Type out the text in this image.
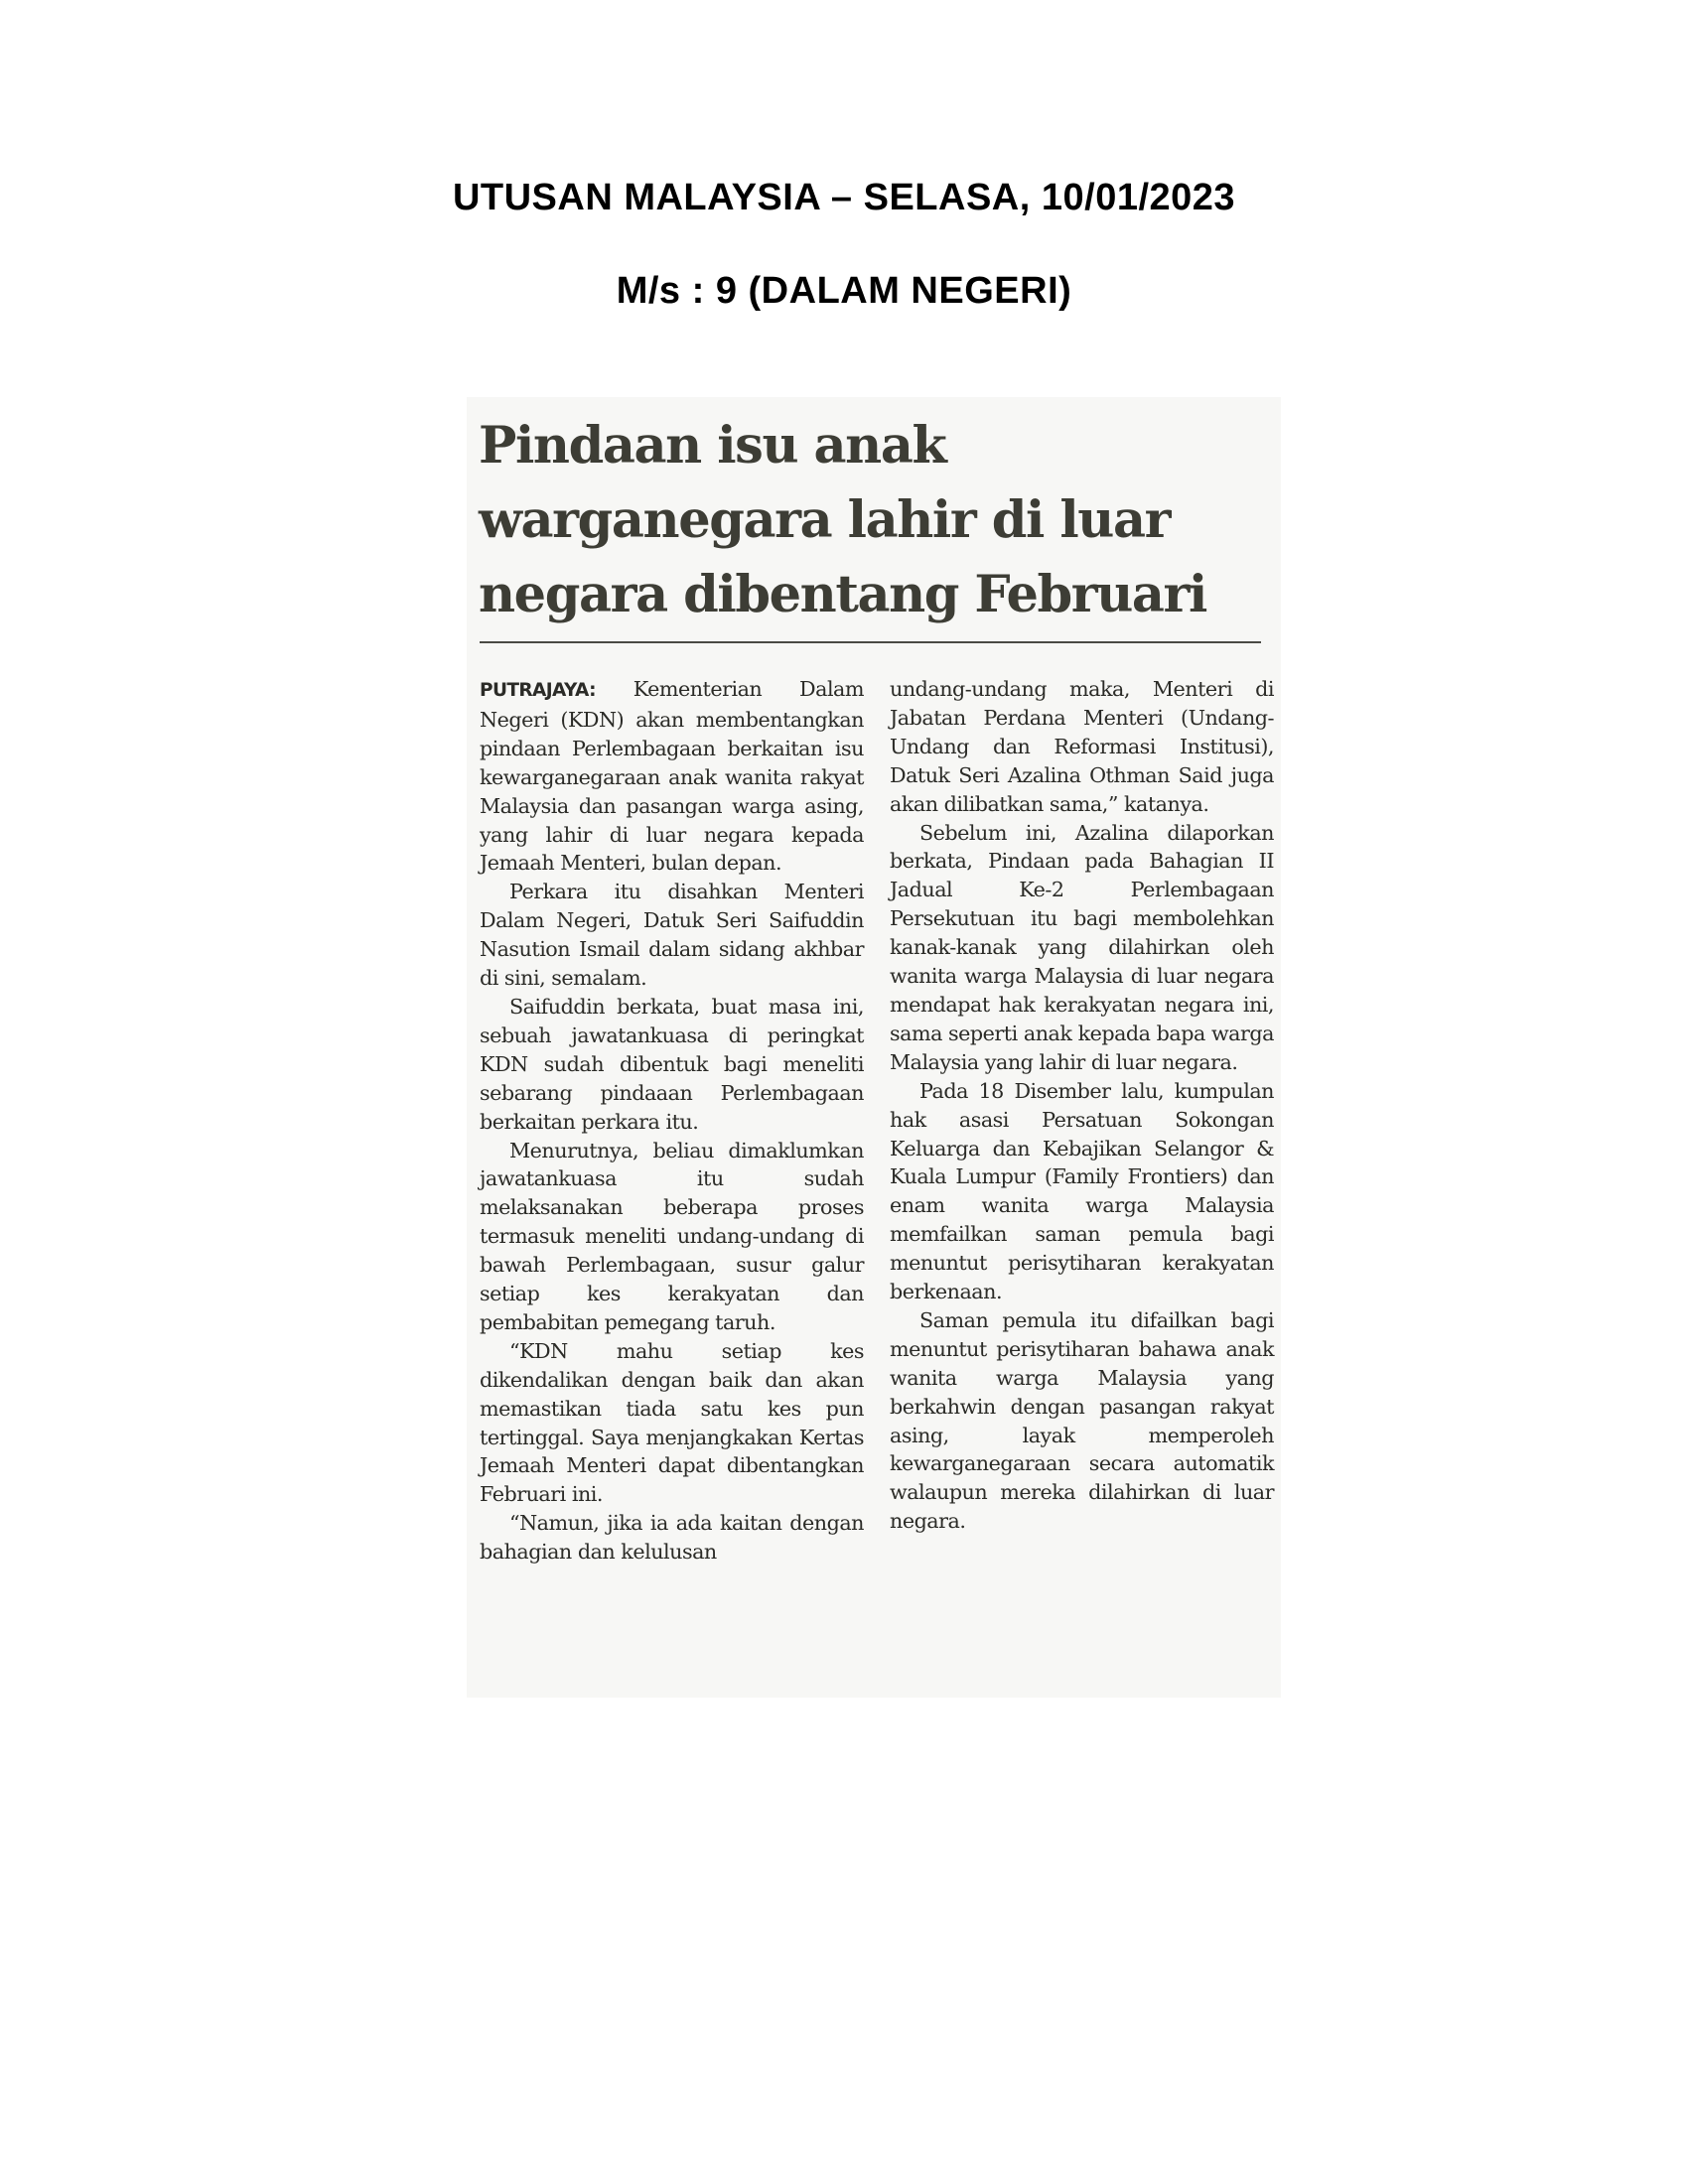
UTUSAN MALAYSIA – SELASA, 10/01/2023
M/s : 9 (DALAM NEGERI)
Pindaan isu anak
warganegara lahir di luar
negara dibentang Februari

PUTRAJAYA: Kementerian Dalam Negeri (KDN) akan membentangkan pindaan Perlembagaan berkaitan isu kewarganegaraan anak wanita rakyat Malaysia dan pasangan warga asing, yang lahir di luar negara kepada Jemaah Menteri, bulan depan.

Perkara itu disahkan Menteri Dalam Negeri, Datuk Seri Saifuddin Nasution Ismail dalam sidang akhbar di sini, semalam.

Saifuddin berkata, buat masa ini, sebuah jawatankuasa di peringkat KDN sudah dibentuk bagi meneliti sebarang pindaaan Perlembagaan berkaitan perkara itu.

Menurutnya, beliau dimaklumkan jawatankuasa itu sudah melaksanakan beberapa proses termasuk meneliti undang-undang di bawah Perlembagaan, susur galur setiap kes kerakyatan dan pembabitan pemegang taruh.

“KDN mahu setiap kes dikendalikan dengan baik dan akan memastikan tiada satu kes pun tertinggal. Saya menjangkakan Kertas Jemaah Menteri dapat dibentangkan Februari ini.

“Namun, jika ia ada kaitan dengan bahagian dan kelulusan

undang-undang maka, Menteri di Jabatan Perdana Menteri (Undang-Undang dan Reformasi Institusi), Datuk Seri Azalina Othman Said juga akan dilibatkan sama,” katanya.

Sebelum ini, Azalina dilaporkan berkata, Pindaan pada Bahagian II Jadual Ke-2 Perlembagaan Persekutuan itu bagi membolehkan kanak-kanak yang dilahirkan oleh wanita warga Malaysia di luar negara mendapat hak kerakyatan negara ini, sama seperti anak kepada bapa warga Malaysia yang lahir di luar negara.

Pada 18 Disember lalu, kumpulan hak asasi Persatuan Sokongan Keluarga dan Kebajikan Selangor & Kuala Lumpur (Family Frontiers) dan enam wanita warga Malaysia memfailkan saman pemula bagi menuntut perisytiharan kerakyatan berkenaan.

Saman pemula itu difailkan bagi menuntut perisytiharan bahawa anak wanita warga Malaysia yang berkahwin dengan pasangan rakyat asing, layak memperoleh kewarganegaraan secara automatik walaupun mereka dilahirkan di luar negara.
